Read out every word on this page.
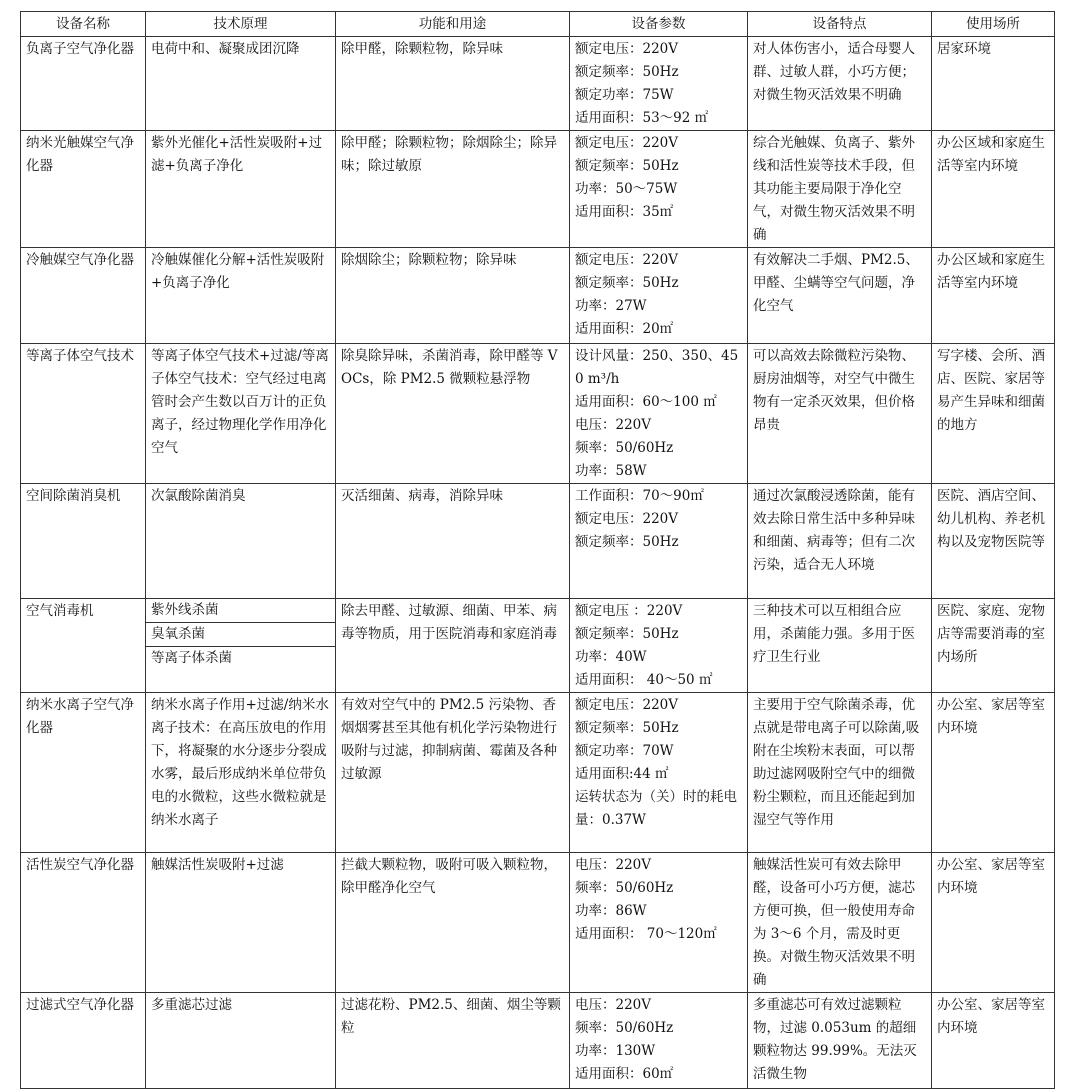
设备名称	技术原理	功能和用途	设备参数	设备特点	使用场所
负离子空气净化器	电荷中和、凝聚成团沉降	除甲醛，除颗粒物，除异味	额定电压：220V
额定频率：50Hz
额定功率：75W
适用面积：53～92 ㎡	对人体伤害小，适合母婴人群、过敏人群，小巧方便；对微生物灭活效果不明确	居家环境
纳米光触媒空气净化器	紫外光催化+活性炭吸附+过滤+负离子净化	除甲醛；除颗粒物；除烟除尘；除异味；除过敏原	额定电压：220V
额定频率：50Hz
功率：50～75W
适用面积：35㎡	综合光触媒、负离子、紫外线和活性炭等技术手段，但其功能主要局限于净化空气，对微生物灭活效果不明确	办公区域和家庭生活等室内环境
冷触媒空气净化器	冷触媒催化分解+活性炭吸附+负离子净化	除烟除尘；除颗粒物；除异味	额定电压：220V
额定频率：50Hz
功率：27W
适用面积：20㎡	有效解决二手烟、PM2.5、甲醛、尘螨等空气问题，净化空气	办公区域和家庭生活等室内环境
等离子体空气技术	等离子体空气技术+过滤/等离子体空气技术：空气经过电离管时会产生数以百万计的正负离子，经过物理化学作用净化空气	除臭除异味，杀菌消毒，除甲醛等 VOCs，除 PM2.5 微颗粒悬浮物	设计风量：250、350、450 m³/h
适用面积：60～100 ㎡
电压：220V
频率：50/60Hz
功率：58W	可以高效去除微粒污染物、厨房油烟等，对空气中微生物有一定杀灭效果，但价格昂贵	写字楼、会所、酒店、医院、家居等易产生异味和细菌的地方
空间除菌消臭机	次氯酸除菌消臭	灭活细菌、病毒，消除异味	工作面积：70～90㎡
额定电压：220V
额定频率：50Hz	通过次氯酸浸透除菌，能有效去除日常生活中多种异味和细菌、病毒等；但有二次污染，适合无人环境	医院、酒店空间、幼儿机构、养老机构以及宠物医院等
空气消毒机	紫外线杀菌
臭氧杀菌
等离子体杀菌	除去甲醛、过敏源、细菌、甲苯、病毒等物质，用于医院消毒和家庭消毒	额定电压 ：220V
额定频率：50Hz
功率：40W
适用面积： 40～50 ㎡	三种技术可以互相组合应用，杀菌能力强。多用于医疗卫生行业	医院、家庭、宠物店等需要消毒的室内场所
纳米水离子空气净化器	纳米水离子作用+过滤/纳米水离子技术：在高压放电的作用下，将凝聚的水分逐步分裂成水雾，最后形成纳米单位带负电的水微粒，这些水微粒就是纳米水离子	有效对空气中的 PM2.5 污染物、香烟烟雾甚至其他有机化学污染物进行吸附与过滤，抑制病菌、霉菌及各种过敏源	额定电压：220V
额定频率：50Hz
额定功率：70W
适用面积:44 ㎡
运转状态为（关）时的耗电量：0.37W	主要用于空气除菌杀毒，优点就是带电离子可以除菌,吸附在尘埃粉末表面，可以帮助过滤网吸附空气中的细微粉尘颗粒，而且还能起到加湿空气等作用	办公室、家居等室内环境
活性炭空气净化器	触媒活性炭吸附+过滤	拦截大颗粒物，吸附可吸入颗粒物，除甲醛净化空气	电压：220V
频率：50/60Hz
功率：86W
适用面积： 70～120㎡	触媒活性炭可有效去除甲醛，设备可小巧方便，滤芯方便可换，但一般使用寿命为 3～6 个月，需及时更换。对微生物灭活效果不明确	办公室、家居等室内环境
过滤式空气净化器	多重滤芯过滤	过滤花粉、PM2.5、细菌、烟尘等颗粒	电压：220V
频率：50/60Hz
功率：130W
适用面积：60㎡	多重滤芯可有效过滤颗粒物，过滤 0.053um 的超细颗粒物达 99.99%。无法灭活微生物	办公室、家居等室内环境
